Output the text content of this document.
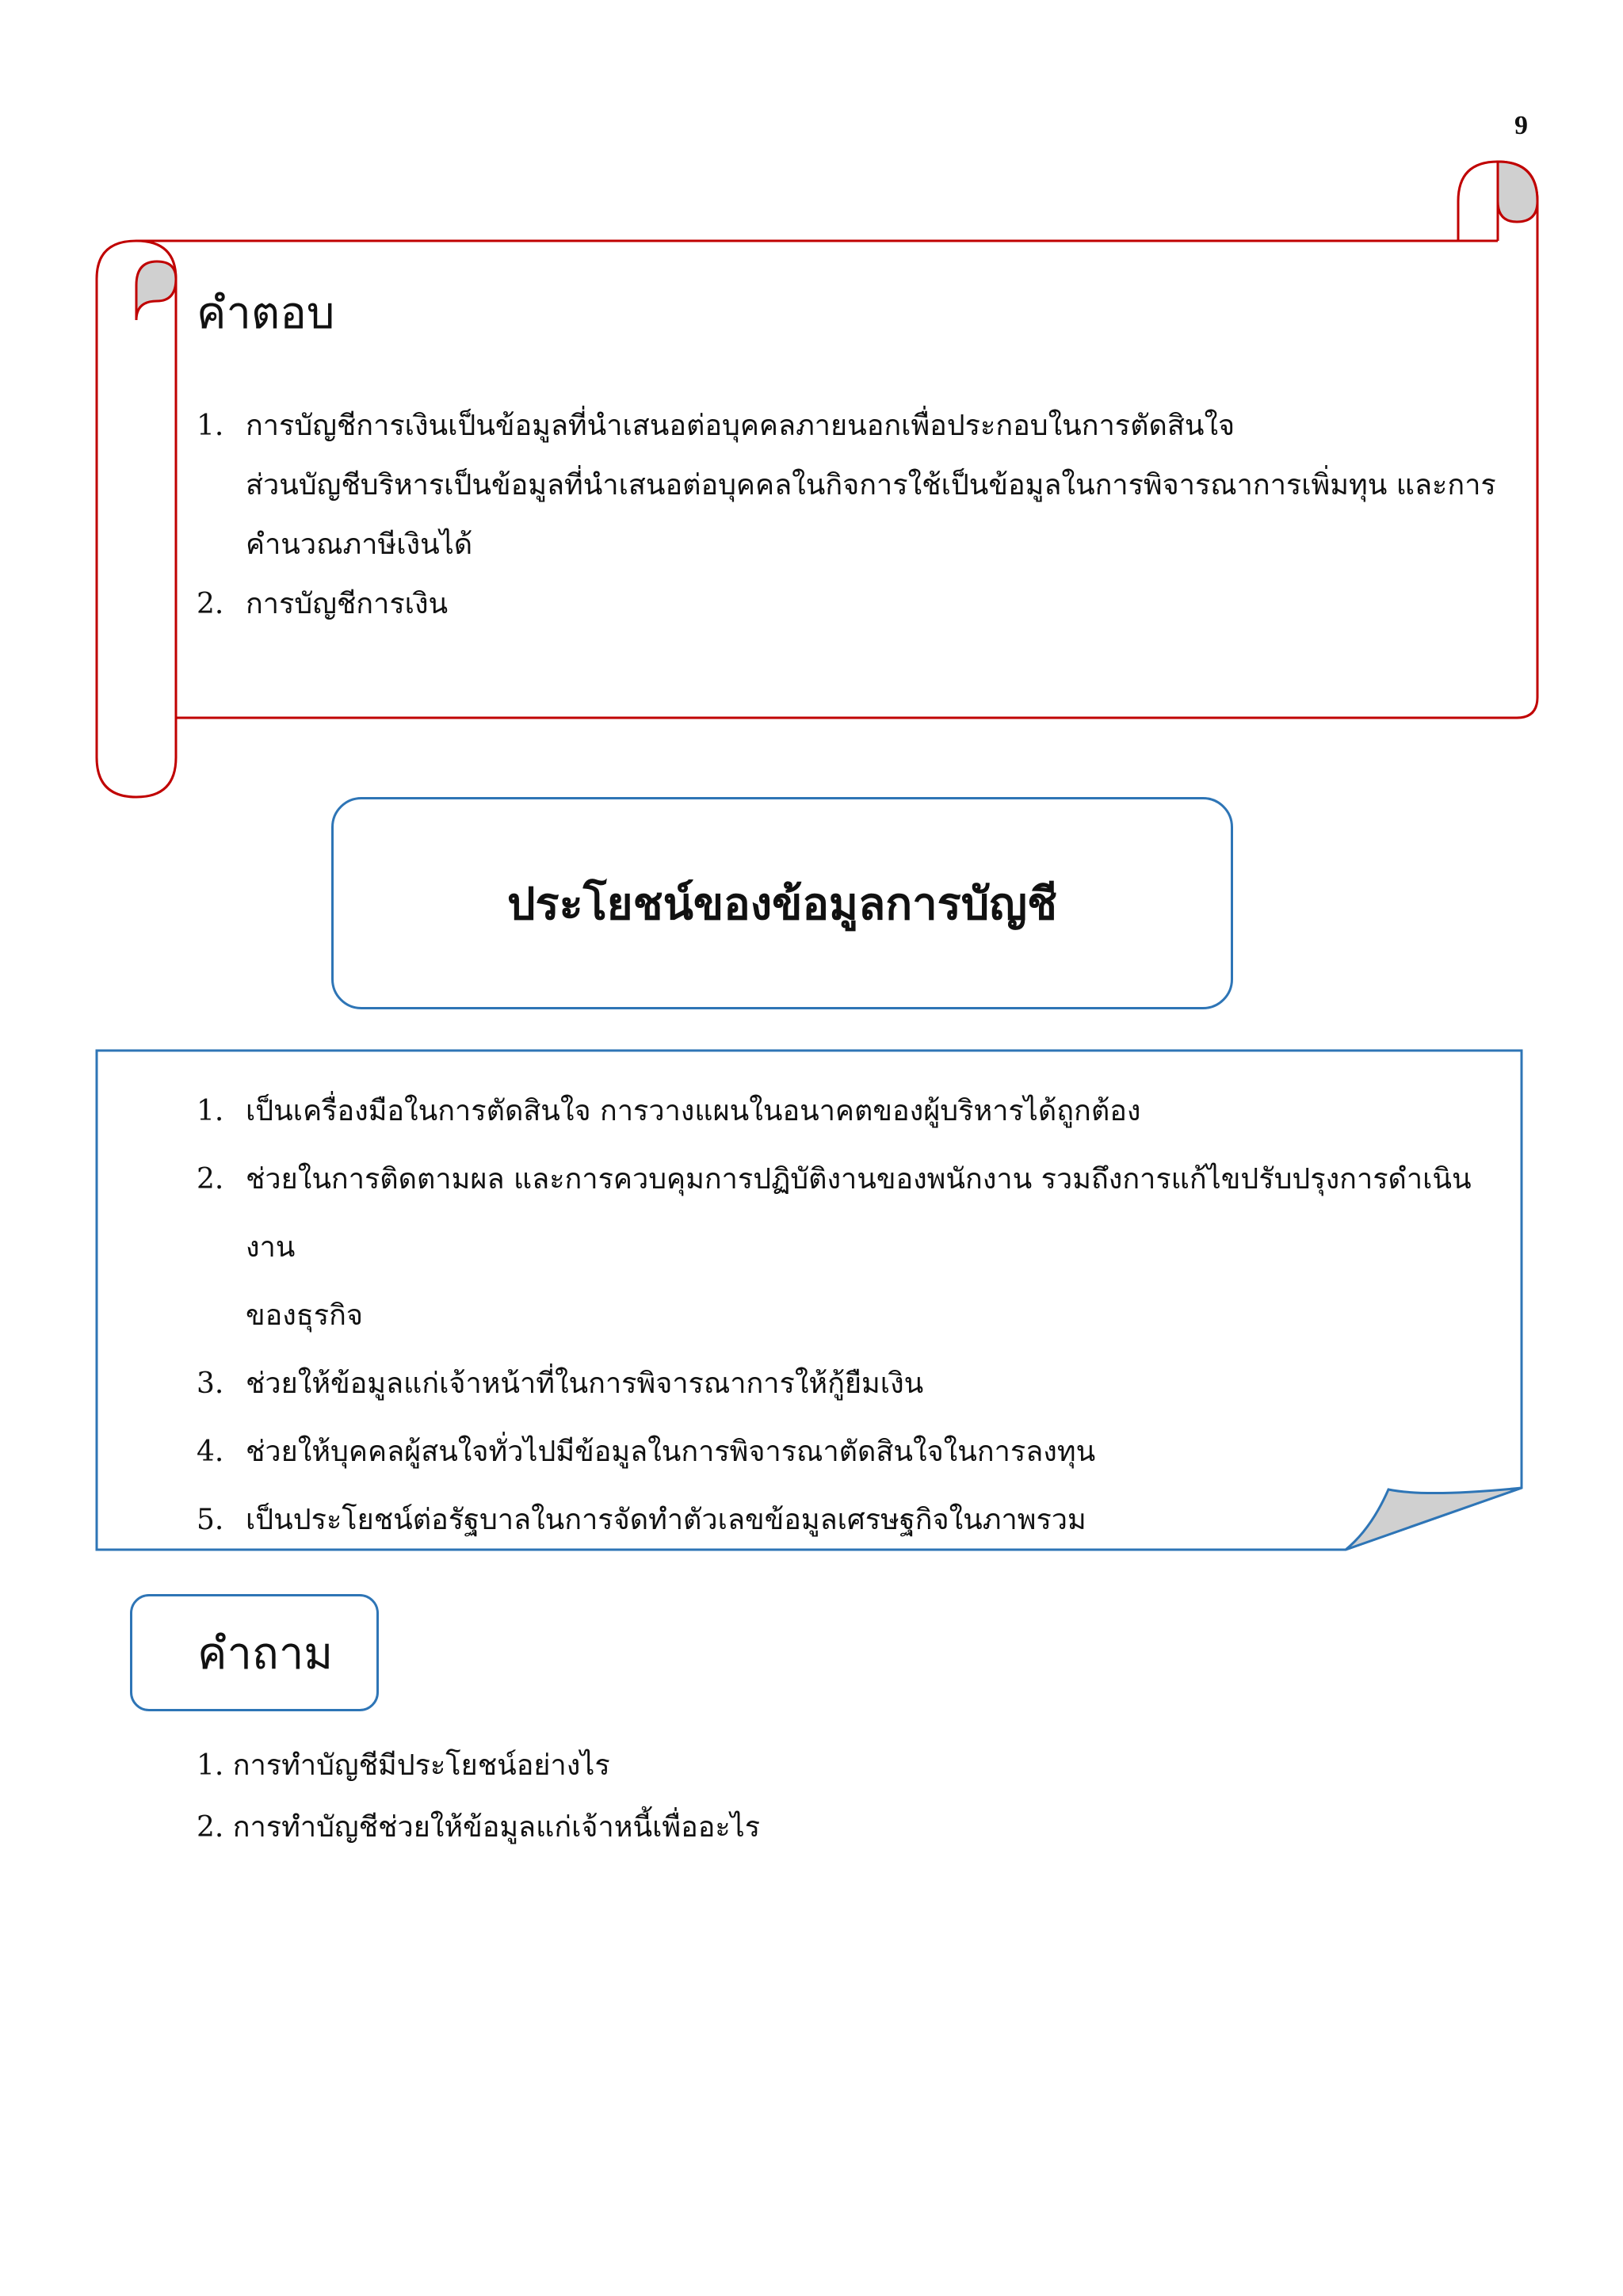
9
คำตอบ
1. การบัญชีการเงินเป็นข้อมูลที่นำเสนอต่อบุคคลภายนอกเพื่อประกอบในการตัดสินใจ
ส่วนบัญชีบริหารเป็นข้อมูลที่นำเสนอต่อบุคคลในกิจการใช้เป็นข้อมูลในการพิจารณาการเพิ่มทุน และการ
คำนวณภาษีเงินได้
2. การบัญชีการเงิน
ประโยชน์ของข้อมูลการบัญชี
1. เป็นเครื่องมือในการตัดสินใจ การวางแผนในอนาคตของผู้บริหารได้ถูกต้อง
2. ช่วยในการติดตามผล และการควบคุมการปฏิบัติงานของพนักงาน รวมถึงการแก้ไขปรับปรุงการดำเนินงาน
ของธุรกิจ
3. ช่วยให้ข้อมูลแก่เจ้าหน้าที่ในการพิจารณาการให้กู้ยืมเงิน
4. ช่วยให้บุคคลผู้สนใจทั่วไปมีข้อมูลในการพิจารณาตัดสินใจในการลงทุน
5. เป็นประโยชน์ต่อรัฐบาลในการจัดทำตัวเลขข้อมูลเศรษฐกิจในภาพรวม
คำถาม
1. การทำบัญชีมีประโยชน์อย่างไร
2. การทำบัญชีช่วยให้ข้อมูลแก่เจ้าหนี้เพื่ออะไร
